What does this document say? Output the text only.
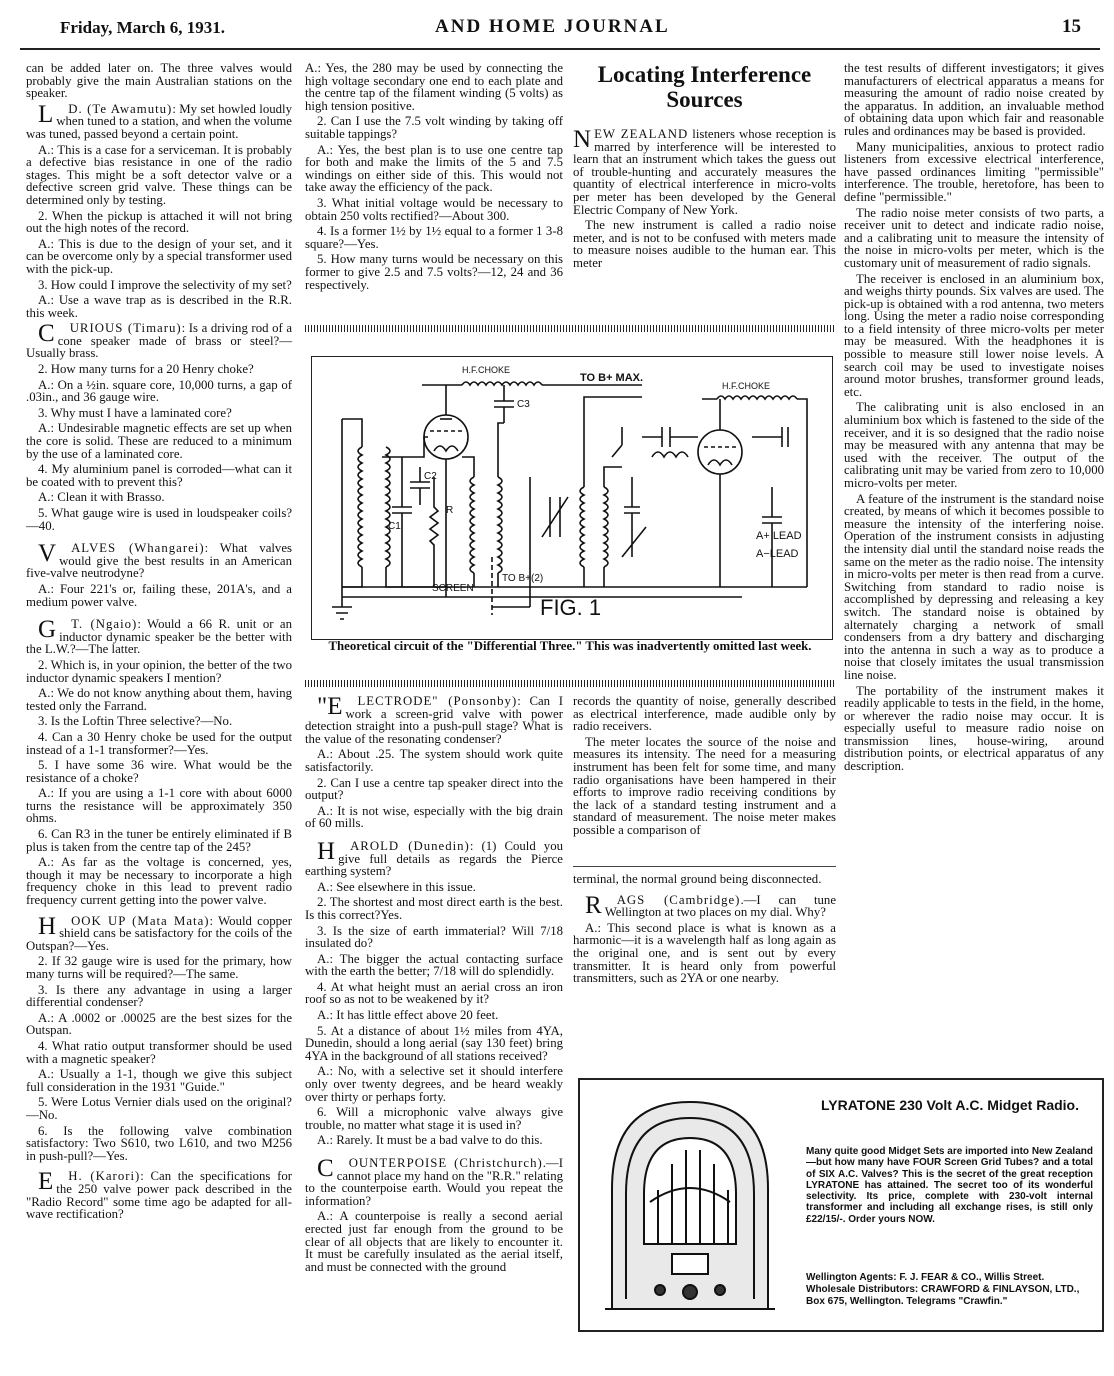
Friday, March 6, 1931.	AND HOME JOURNAL	15

can be added later on. The three valves would probably give the main Australian stations on the speaker.

L D. (Te Awamutu): My set howled loudly when tuned to a station, and when the volume was tuned, passed beyond a certain point.

A.: This is a case for a serviceman. It is probably a defective bias resistance in one of the radio stages. This might be a soft detector valve or a defective screen grid valve. These things can be determined only by testing.

2. When the pickup is attached it will not bring out the high notes of the record.

A.: This is due to the design of your set, and it can be overcome only by a special transformer used with the pick-up.

3. How could I improve the selectivity of my set?

A.: Use a wave trap as is described in the R.R. this week.

C URIOUS (Timaru): Is a driving rod of a cone speaker made of brass or steel?—Usually brass.

2. How many turns for a 20 Henry choke?

A.: On a ½in. square core, 10,000 turns, a gap of .03in., and 36 gauge wire.

3. Why must I have a laminated core?

A.: Undesirable magnetic effects are set up when the core is solid. These are reduced to a minimum by the use of a laminated core.

4. My aluminium panel is corroded—what can it be coated with to prevent this?

A.: Clean it with Brasso.

5. What gauge wire is used in loudspeaker coils?—40.

V ALVES (Whangarei): What valves would give the best results in an American five-valve neutrodyne?

A.: Four 221's or, failing these, 201A's, and a medium power valve.

G T. (Ngaio): Would a 66 R. unit or an inductor dynamic speaker be the better with the L.W.?—The latter.

2. Which is, in your opinion, the better of the two inductor dynamic speakers I mention?

A.: We do not know anything about them, having tested only the Farrand.

3. Is the Loftin Three selective?—No.

4. Can a 30 Henry choke be used for the output instead of a 1-1 transformer?—Yes.

5. I have some 36 wire. What would be the resistance of a choke?

A.: If you are using a 1-1 core with about 6000 turns the resistance will be approximately 350 ohms.

6. Can R3 in the tuner be entirely eliminated if B plus is taken from the centre tap of the 245?

A.: As far as the voltage is concerned, yes, though it may be necessary to incorporate a high frequency choke in this lead to prevent radio frequency current getting into the power valve.

H OOK UP (Mata Mata): Would copper shield cans be satisfactory for the coils of the Outspan?—Yes.

2. If 32 gauge wire is used for the primary, how many turns will be required?—The same.

3. Is there any advantage in using a larger differential condenser?

A.: A .0002 or .00025 are the best sizes for the Outspan.

4. What ratio output transformer should be used with a magnetic speaker?

A.: Usually a 1-1, though we give this subject full consideration in the 1931 "Guide."

5. Were Lotus Vernier dials used on the original?—No.

6. Is the following valve combination satisfactory: Two S610, two L610, and two M256 in push-pull?—Yes.

E H. (Karori): Can the specifications for the 250 valve power pack described in the "Radio Record" some time ago be adapted for all-wave rectification?

A.: Yes, the 280 may be used by connecting the high voltage secondary one end to each plate and the centre tap of the filament winding (5 volts) as high tension positive.

2. Can I use the 7.5 volt winding by taking off suitable tappings?

A.: Yes, the best plan is to use one centre tap for both and make the limits of the 5 and 7.5 windings on either side of this. This would not take away the efficiency of the pack.

3. What initial voltage would be necessary to obtain 250 volts rectified?—About 300.

4. Is a former 1½ by 1½ equal to a former 1 3-8 square?—Yes.

5. How many turns would be necessary on this former to give 2.5 and 7.5 volts?—12, 24 and 36 respectively.

Locating Interference Sources

NEW ZEALAND listeners whose reception is marred by interference will be interested to learn that an instrument which takes the guess out of trouble-hunting and accurately measures the quantity of electrical interference in micro-volts per meter has been developed by the General Electric Company of New York.

The new instrument is called a radio noise meter, and is not to be confused with meters made to measure noises audible to the human ear. This meter

the test results of different investigators; it gives manufacturers of electrical apparatus a means for measuring the amount of radio noise created by the apparatus. In addition, an invaluable method of obtaining data upon which fair and reasonable rules and ordinances may be based is provided.

Many municipalities, anxious to protect radio listeners from excessive electrical interference, have passed ordinances limiting "permissible" interference. The trouble, heretofore, has been to define "permissible."

The radio noise meter consists of two parts, a receiver unit to detect and indicate radio noise, and a calibrating unit to measure the intensity of the noise in micro-volts per meter, which is the customary unit of measurement of radio signals.

The receiver is enclosed in an aluminium box, and weighs thirty pounds. Six valves are used. The pick-up is obtained with a rod antenna, two meters long. Using the meter a radio noise corresponding to a field intensity of three micro-volts per meter may be measured. With the headphones it is possible to measure still lower noise levels. A search coil may be used to investigate noises around motor brushes, transformer ground leads, etc.

The calibrating unit is also enclosed in an aluminium box which is fastened to the side of the receiver, and it is so designed that the radio noise may be measured with any antenna that may be used with the receiver. The output of the calibrating unit may be varied from zero to 10,000 micro-volts per meter.

A feature of the instrument is the standard noise created, by means of which it becomes possible to measure the intensity of the interfering noise. Operation of the instrument consists in adjusting the intensity dial until the standard noise reads the same on the meter as the radio noise. The intensity in micro-volts per meter is then read from a curve. Switching from standard to radio noise is accomplished by depressing and releasing a key switch. The standard noise is obtained by alternately charging a network of small condensers from a dry battery and discharging into the antenna in such a way as to produce a noise that closely imitates the usual transmission line noise.

The portability of the instrument makes it readily applicable to tests in the field, in the home, or wherever the radio noise may occur. It is especially useful to measure radio noise on transmission lines, house-wiring, around distribution points, or electrical apparatus of any description.

H.F.CHOKE
TO B+ MAX.
C3
H.F.CHOKE
C2
C1
R
A+ LEAD
A−LEAD
SCREEN
TO B+(2)
FIG. 1
Theoretical circuit of the "Differential Three." This was inadvertently omitted last week.

"E LECTRODE" (Ponsonby): Can I work a screen-grid valve with power detection straight into a push-pull stage? What is the value of the resonating condenser?

A.: About .25. The system should work quite satisfactorily.

2. Can I use a centre tap speaker direct into the output?

A.: It is not wise, especially with the big drain of 60 mills.

H AROLD (Dunedin): (1) Could you give full details as regards the Pierce earthing system?

A.: See elsewhere in this issue.

2. The shortest and most direct earth is the best. Is this correct?Yes.

3. Is the size of earth immaterial? Will 7/18 insulated do?

A.: The bigger the actual contacting surface with the earth the better; 7/18 will do splendidly.

4. At what height must an aerial cross an iron roof so as not to be weakened by it?

A.: It has little effect above 20 feet.

5. At a distance of about 1½ miles from 4YA, Dunedin, should a long aerial (say 130 feet) bring 4YA in the background of all stations received?

A.: No, with a selective set it should interfere only over twenty degrees, and be heard weakly over thirty or perhaps forty.

6. Will a microphonic valve always give trouble, no matter what stage it is used in?

A.: Rarely. It must be a bad valve to do this.

C OUNTERPOISE (Christchurch).—I cannot place my hand on the "R.R." relating to the counterpoise earth. Would you repeat the information?

A.: A counterpoise is really a second aerial erected just far enough from the ground to be clear of all objects that are likely to encounter it. It must be carefully insulated as the aerial itself, and must be connected with the ground

records the quantity of noise, generally described as electrical interference, made audible only by radio receivers.

The meter locates the source of the noise and measures its intensity. The need for a measuring instrument has been felt for some time, and many radio organisations have been hampered in their efforts to improve radio receiving conditions by the lack of a standard testing instrument and a standard of measurement. The noise meter makes possible a comparison of

terminal, the normal ground being disconnected.

R AGS (Cambridge).—I can tune Wellington at two places on my dial. Why?

A.: This second place is what is known as a harmonic—it is a wavelength half as long again as the original one, and is sent out by every transmitter. It is heard only from powerful transmitters, such as 2YA or one nearby.

LYRATONE 230 Volt A.C. Midget Radio.
Many quite good Midget Sets are imported into New Zealand—but how many have FOUR Screen Grid Tubes? and a total of SIX A.C. Valves? This is the secret of the great reception LYRATONE has attained. The secret too of its wonderful selectivity. Its price, complete with 230-volt internal transformer and including all exchange rises, is still only £22/15/-. Order yours NOW.

Wellington Agents: F. J. FEAR & CO., Willis Street.

Wholesale Distributors: CRAWFORD & FINLAYSON, LTD., Box 675, Wellington. Telegrams "Crawfin."
